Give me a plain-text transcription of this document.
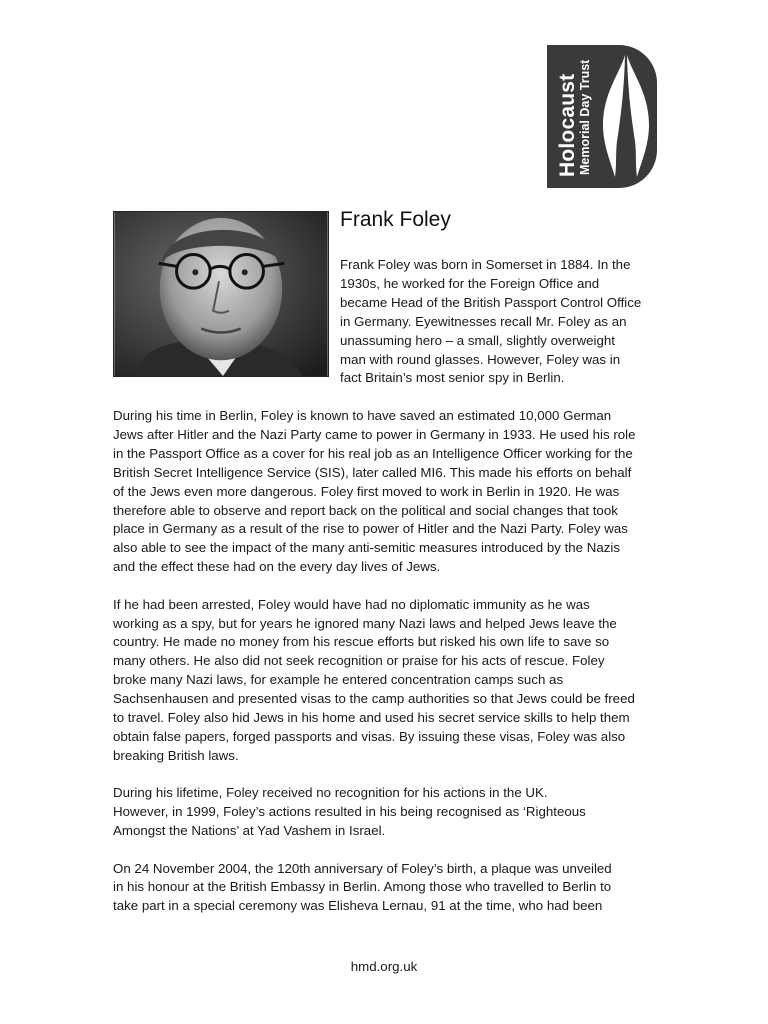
Holocaust Memorial Day Trust
Frank Foley
Frank Foley was born in Somerset in 1884. In the
1930s, he worked for the Foreign Office and
became Head of the British Passport Control Office
in Germany. Eyewitnesses recall Mr. Foley as an
unassuming hero – a small, slightly overweight
man with round glasses. However, Foley was in
fact Britain’s most senior spy in Berlin.

During his time in Berlin, Foley is known to have saved an estimated 10,000 German
Jews after Hitler and the Nazi Party came to power in Germany in 1933. He used his role
in the Passport Office as a cover for his real job as an Intelligence Officer working for the
British Secret Intelligence Service (SIS), later called MI6. This made his efforts on behalf
of the Jews even more dangerous. Foley first moved to work in Berlin in 1920. He was
therefore able to observe and report back on the political and social changes that took
place in Germany as a result of the rise to power of Hitler and the Nazi Party. Foley was
also able to see the impact of the many anti-semitic measures introduced by the Nazis
and the effect these had on the every day lives of Jews.

If he had been arrested, Foley would have had no diplomatic immunity as he was
working as a spy, but for years he ignored many Nazi laws and helped Jews leave the
country. He made no money from his rescue efforts but risked his own life to save so
many others. He also did not seek recognition or praise for his acts of rescue. Foley
broke many Nazi laws, for example he entered concentration camps such as
Sachsenhausen and presented visas to the camp authorities so that Jews could be freed
to travel. Foley also hid Jews in his home and used his secret service skills to help them
obtain false papers, forged passports and visas. By issuing these visas, Foley was also
breaking British laws.

During his lifetime, Foley received no recognition for his actions in the UK.
However, in 1999, Foley’s actions resulted in his being recognised as ‘Righteous
Amongst the Nations’ at Yad Vashem in Israel.

On 24 November 2004, the 120th anniversary of Foley’s birth, a plaque was unveiled
in his honour at the British Embassy in Berlin. Among those who travelled to Berlin to
take part in a special ceremony was Elisheva Lernau, 91 at the time, who had been

hmd.org.uk
